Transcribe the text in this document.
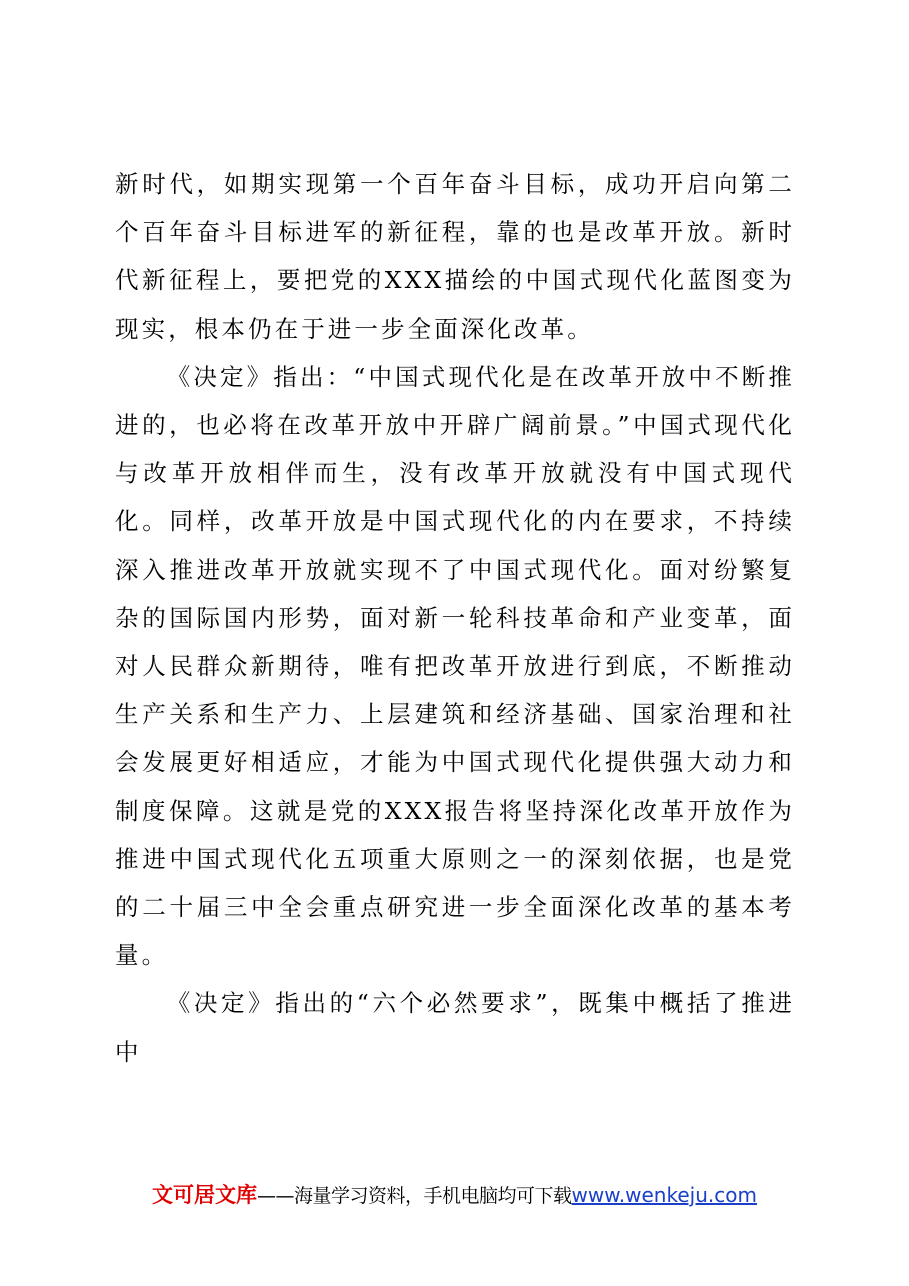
新时代，如期实现第一个百年奋斗目标，成功开启向第二个百年奋斗目标进军的新征程，靠的也是改革开放。新时代新征程上，要把党的XXX描绘的中国式现代化蓝图变为现实，根本仍在于进一步全面深化改革。

《决定》指出：“中国式现代化是在改革开放中不断推进的，也必将在改革开放中开辟广阔前景。”中国式现代化与改革开放相伴而生，没有改革开放就没有中国式现代化。同样，改革开放是中国式现代化的内在要求，不持续深入推进改革开放就实现不了中国式现代化。面对纷繁复杂的国际国内形势，面对新一轮科技革命和产业变革，面对人民群众新期待，唯有把改革开放进行到底，不断推动生产关系和生产力、上层建筑和经济基础、国家治理和社会发展更好相适应，才能为中国式现代化提供强大动力和制度保障。这就是党的XXX报告将坚持深化改革开放作为推进中国式现代化五项重大原则之一的深刻依据，也是党的二十届三中全会重点研究进一步全面深化改革的基本考量。

《决定》指出的“六个必然要求”，既集中概括了推进中

文可居文库——海量学习资料，手机电脑均可下载www.wenkeju.com
